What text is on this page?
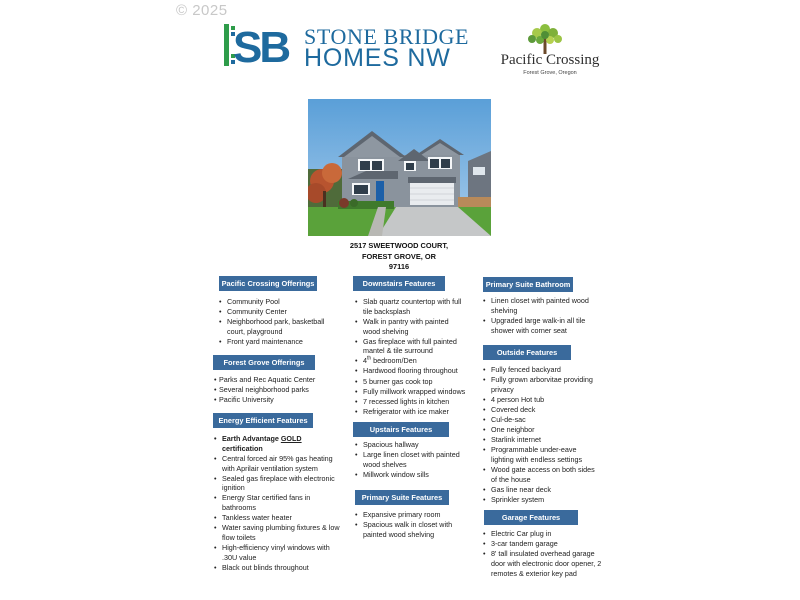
© 2025
SB STONE BRIDGE
HOMES NW	Pacific Crossing
Forest Grove, Oregon
2517 SWEETWOOD COURT,
FOREST GROVE, OR
97116
Pacific Crossing Offerings
• Community Pool
• Community Center
• Neighborhood park, basketball court, playground
• Front yard maintenance
Forest Grove Offerings
• Parks and Rec Aquatic Center
• Several neighborhood parks
• Pacific University
Energy Efficient Features
• Earth Advantage GOLD certification
• Central forced air 95% gas heating with Aprilair ventilation system
• Sealed gas fireplace with electronic ignition
• Energy Star certified fans in bathrooms
• Tankless water heater
• Water saving plumbing fixtures & low flow toilets
• High-efficiency vinyl windows with .30U value
• Black out blinds throughout
Downstairs Features
• Slab quartz countertop with full tile backsplash
• Walk in pantry with painted wood shelving
• Gas fireplace with full painted mantel & tile surround
• 4th bedroom/Den
• Hardwood flooring throughout
• 5 burner gas cook top
• Fully millwork wrapped windows
• 7 recessed lights in kitchen
• Refrigerator with ice maker
Upstairs Features
• Spacious hallway
• Large linen closet with painted wood shelves
• Millwork window sills
Primary Suite Features
• Expansive primary room
• Spacious walk in closet with painted wood shelving
Primary Suite Bathroom
• Linen closet with painted wood shelving
• Upgraded large walk-in all tile shower with corner seat
Outside Features
• Fully fenced backyard
• Fully grown arborvitae providing privacy
• 4 person Hot tub
• Covered deck
• Cul-de-sac
• One neighbor
• Starlink internet
• Programmable under-eave lighting with endless settings
• Wood gate access on both sides of the house
• Gas line near deck
• Sprinkler system
Garage Features
• Electric Car plug in
• 3-car tandem garage
• 8' tall insulated overhead garage door with electronic door opener, 2 remotes & exterior key pad
